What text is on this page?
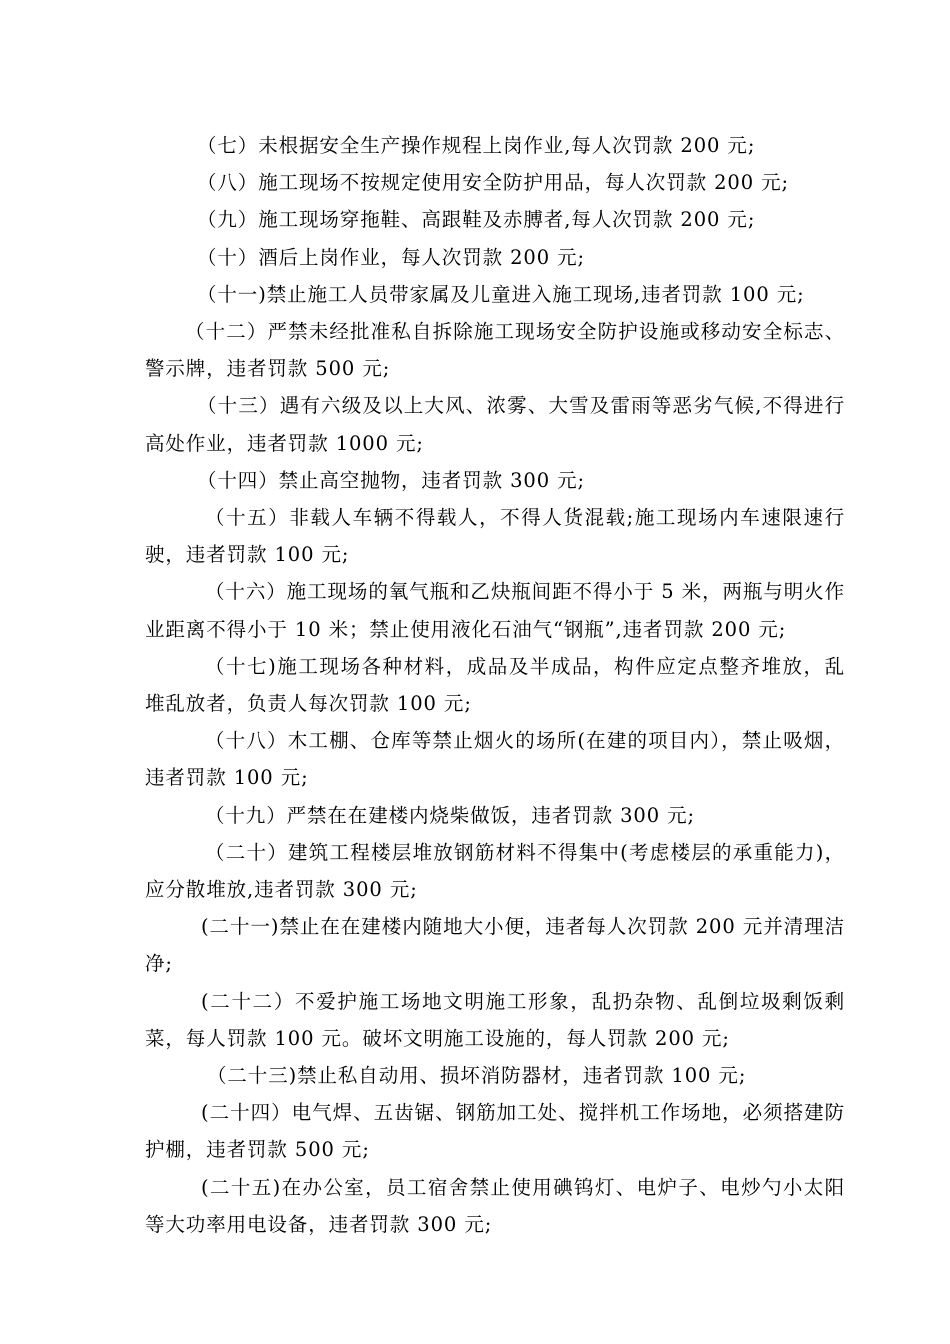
（七）未根据安全生产操作规程上岗作业,每人次罚款 200 元;

（八）施工现场不按规定使用安全防护用品，每人次罚款 200 元;

（九）施工现场穿拖鞋、高跟鞋及赤膊者,每人次罚款 200 元;

（十）酒后上岗作业，每人次罚款 200 元;

（十一)禁止施工人员带家属及儿童进入施工现场,违者罚款 100 元;

（十二）严禁未经批准私自拆除施工现场安全防护设施或移动安全标志、警示牌，违者罚款 500 元;

（十三）遇有六级及以上大风、浓雾、大雪及雷雨等恶劣气候,不得进行高处作业，违者罚款 1000 元;

（十四）禁止高空抛物，违者罚款 300 元;

（十五）非载人车辆不得载人，不得人货混载;施工现场内车速限速行驶，违者罚款 100 元;

（十六）施工现场的氧气瓶和乙炔瓶间距不得小于 5 米，两瓶与明火作业距离不得小于 10 米；禁止使用液化石油气“钢瓶”,违者罚款 200 元;

（十七)施工现场各种材料，成品及半成品，构件应定点整齐堆放，乱堆乱放者，负责人每次罚款 100 元;

（十八）木工棚、仓库等禁止烟火的场所(在建的项目内），禁止吸烟，违者罚款 100 元;

（十九）严禁在在建楼内烧柴做饭，违者罚款 300 元;

（二十）建筑工程楼层堆放钢筋材料不得集中(考虑楼层的承重能力)，应分散堆放,违者罚款 300 元;

(二十一)禁止在在建楼内随地大小便，违者每人次罚款 200 元并清理洁净;

(二十二）不爱护施工场地文明施工形象，乱扔杂物、乱倒垃圾剩饭剩菜，每人罚款 100 元。破坏文明施工设施的，每人罚款 200 元;

（二十三)禁止私自动用、损坏消防器材，违者罚款 100 元;

(二十四）电气焊、五齿锯、钢筋加工处、搅拌机工作场地，必须搭建防护棚，违者罚款 500 元;

(二十五)在办公室，员工宿舍禁止使用碘钨灯、电炉子、电炒勺小太阳等大功率用电设备，违者罚款 300 元;
